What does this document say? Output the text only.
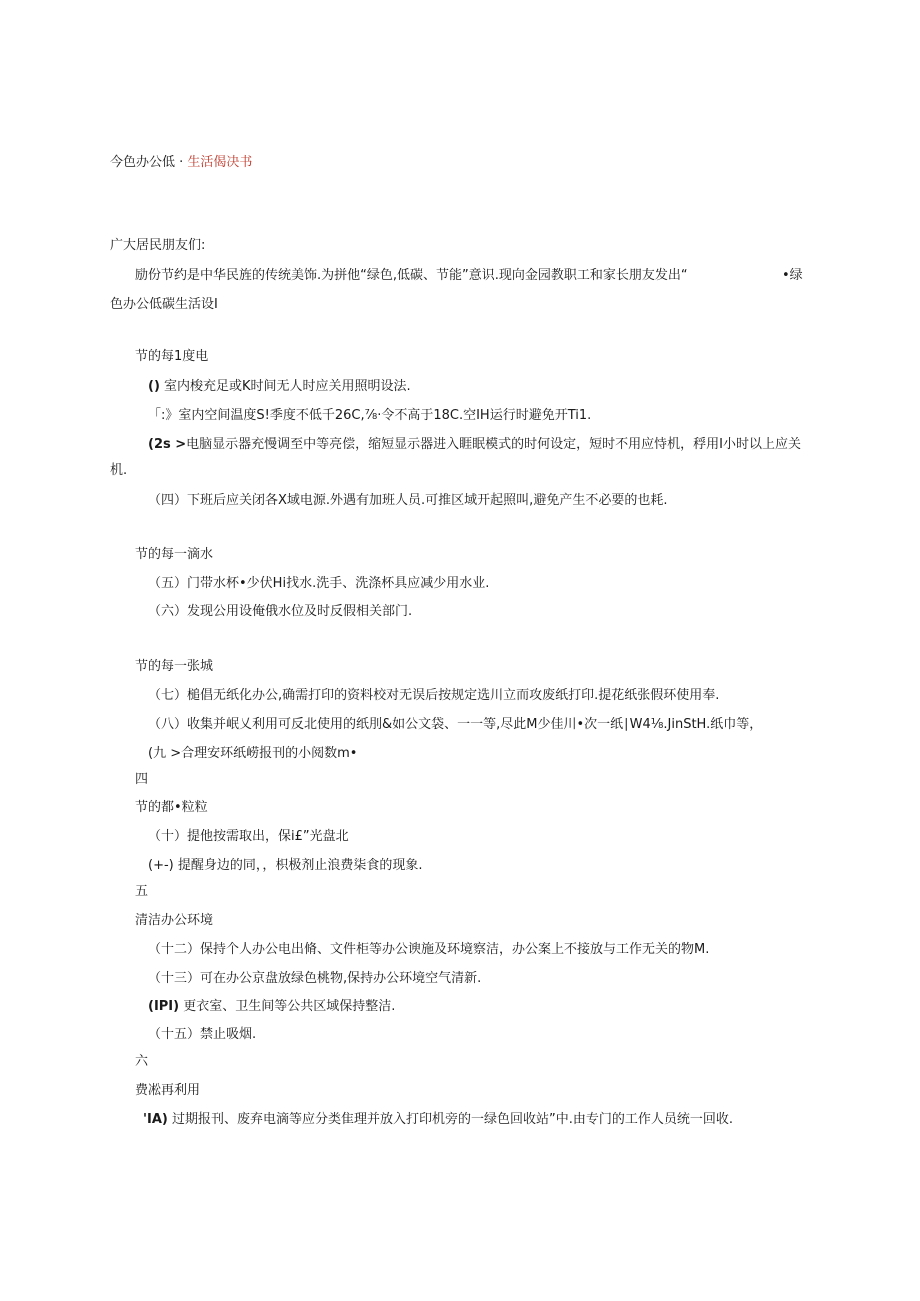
今色办公低 · 生活偈决书
广大居民朋友们:
励份节约是中华民旌的传统美饰.为拼他“绿色,低碳、节能”意识.现向金园教职工和家长朋友发出“	•绿
色办公低碳生活设I
节的每1度电
() 室内梭充足或K时间无人时应关用照明设法.
「:》室内空间温度S!季度不低千26C,⅞·令不高于18C.空IH运行时避免开Ti1.
(2s >电脑显示器充慢调至中等亮偿，缩短显示器进入睚眠模式的时何设定，短时不用应恃机，稃用I小时以上应关
机.
（四）下班后应关闭各X域电源.外遇有加班人员.可推区域开起照叫,避免产生不必要的也耗.
节的每一滴水
（五）门带水杯•少伏Hi找水.洗手、洗涤杯具应减少用水业.
（六）发现公用设俺俄水位及时反假相关部门.
节的每一张城
（七）槌倡无纸化办公,确需打印的资料校对无误后按规定选川立而攻废纸打印.提花纸张假环使用奉.
（八）收集并岷乂利用可反北使用的纸刖&如公文袋、一一等,尽此M少佳川•次一纸∣W4⅛.JinStH.纸巾等，
(九 >合理安环纸崂报刊的小阅数m•
四
节的都•粒粒
（十）提他按需取出，保i£”光盘北
(+-) 提醒身边的同，，枳极剂止浪费柒食的现象.
五
清洁办公环境
（十二）保持个人办公电出脩、文件柜等办公谀施及环境察洁，办公案上不接放与工作无关的物M.
（十三）可在办公京盘放绿色桃物,保持办公环境空气清新.
(IPI) 更衣室、卫生间等公共区域保持整洁.
（十五）禁止吸烟.
六
费凇再利用
'IA) 过期报刊、废弃电滴等应分类隹理并放入打印机旁的一绿色回收站”中.由专门的工作人员统一回收.
